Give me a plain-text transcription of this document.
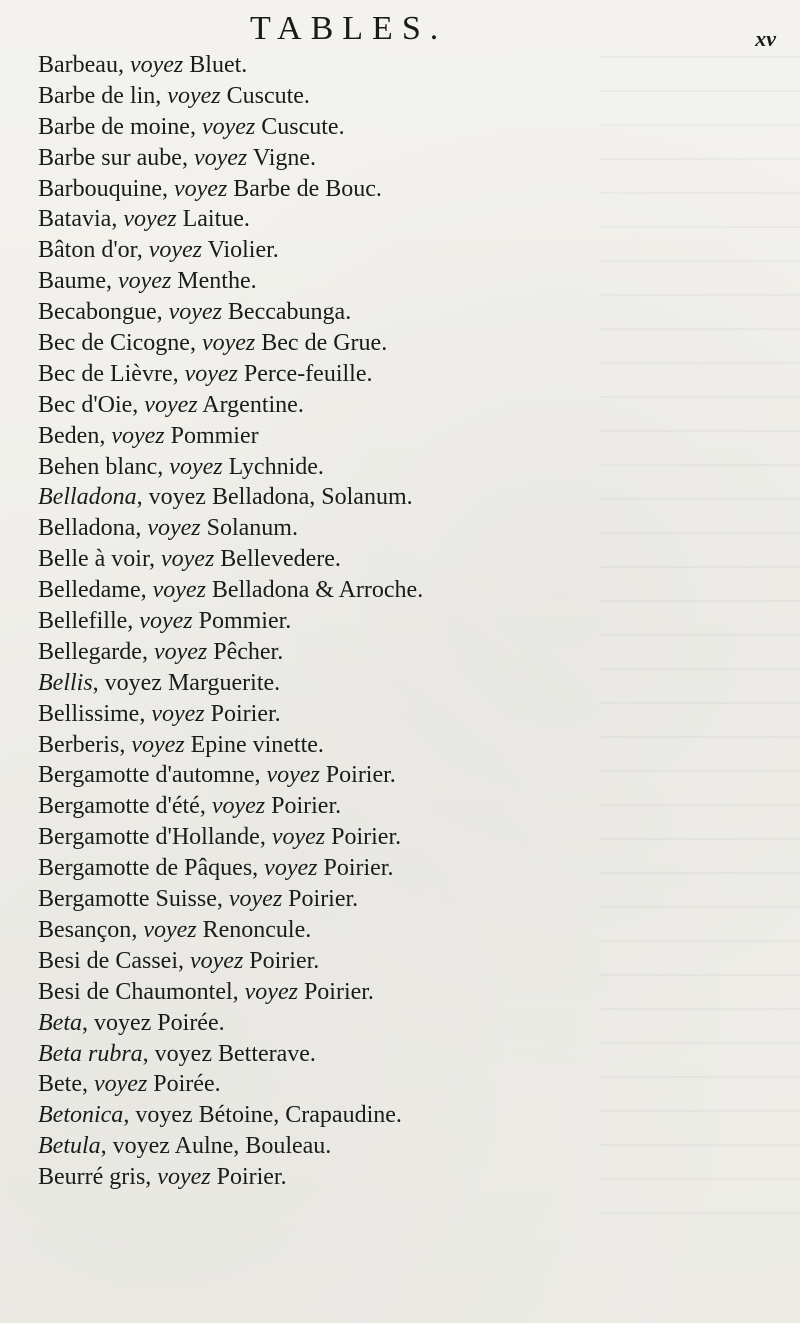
TABLES.	xv
Barbeau, voyez Bluet.
Barbe de lin, voyez Cuscute.
Barbe de moine, voyez Cuscute.
Barbe sur aube, voyez Vigne.
Barbouquine, voyez Barbe de Bouc.
Batavia, voyez Laitue.
Bâton d'or, voyez Violier.
Baume, voyez Menthe.
Becabongue, voyez Beccabunga.
Bec de Cicogne, voyez Bec de Grue.
Bec de Lièvre, voyez Perce-feuille.
Bec d'Oie, voyez Argentine.
Beden, voyez Pommier
Behen blanc, voyez Lychnide.
Belladona, voyez Belladona, Solanum.
Belladona, voyez Solanum.
Belle à voir, voyez Bellevedere.
Belledame, voyez Belladona & Arroche.
Bellefille, voyez Pommier.
Bellegarde, voyez Pêcher.
Bellis, voyez Marguerite.
Bellissime, voyez Poirier.
Berberis, voyez Epine vinette.
Bergamotte d'automne, voyez Poirier.
Bergamotte d'été, voyez Poirier.
Bergamotte d'Hollande, voyez Poirier.
Bergamotte de Pâques, voyez Poirier.
Bergamotte Suisse, voyez Poirier.
Besançon, voyez Renoncule.
Besi de Cassei, voyez Poirier.
Besi de Chaumontel, voyez Poirier.
Beta, voyez Poirée.
Beta rubra, voyez Betterave.
Bete, voyez Poirée.
Betonica, voyez Bétoine, Crapaudine.
Betula, voyez Aulne, Bouleau.
Beurré gris, voyez Poirier.
